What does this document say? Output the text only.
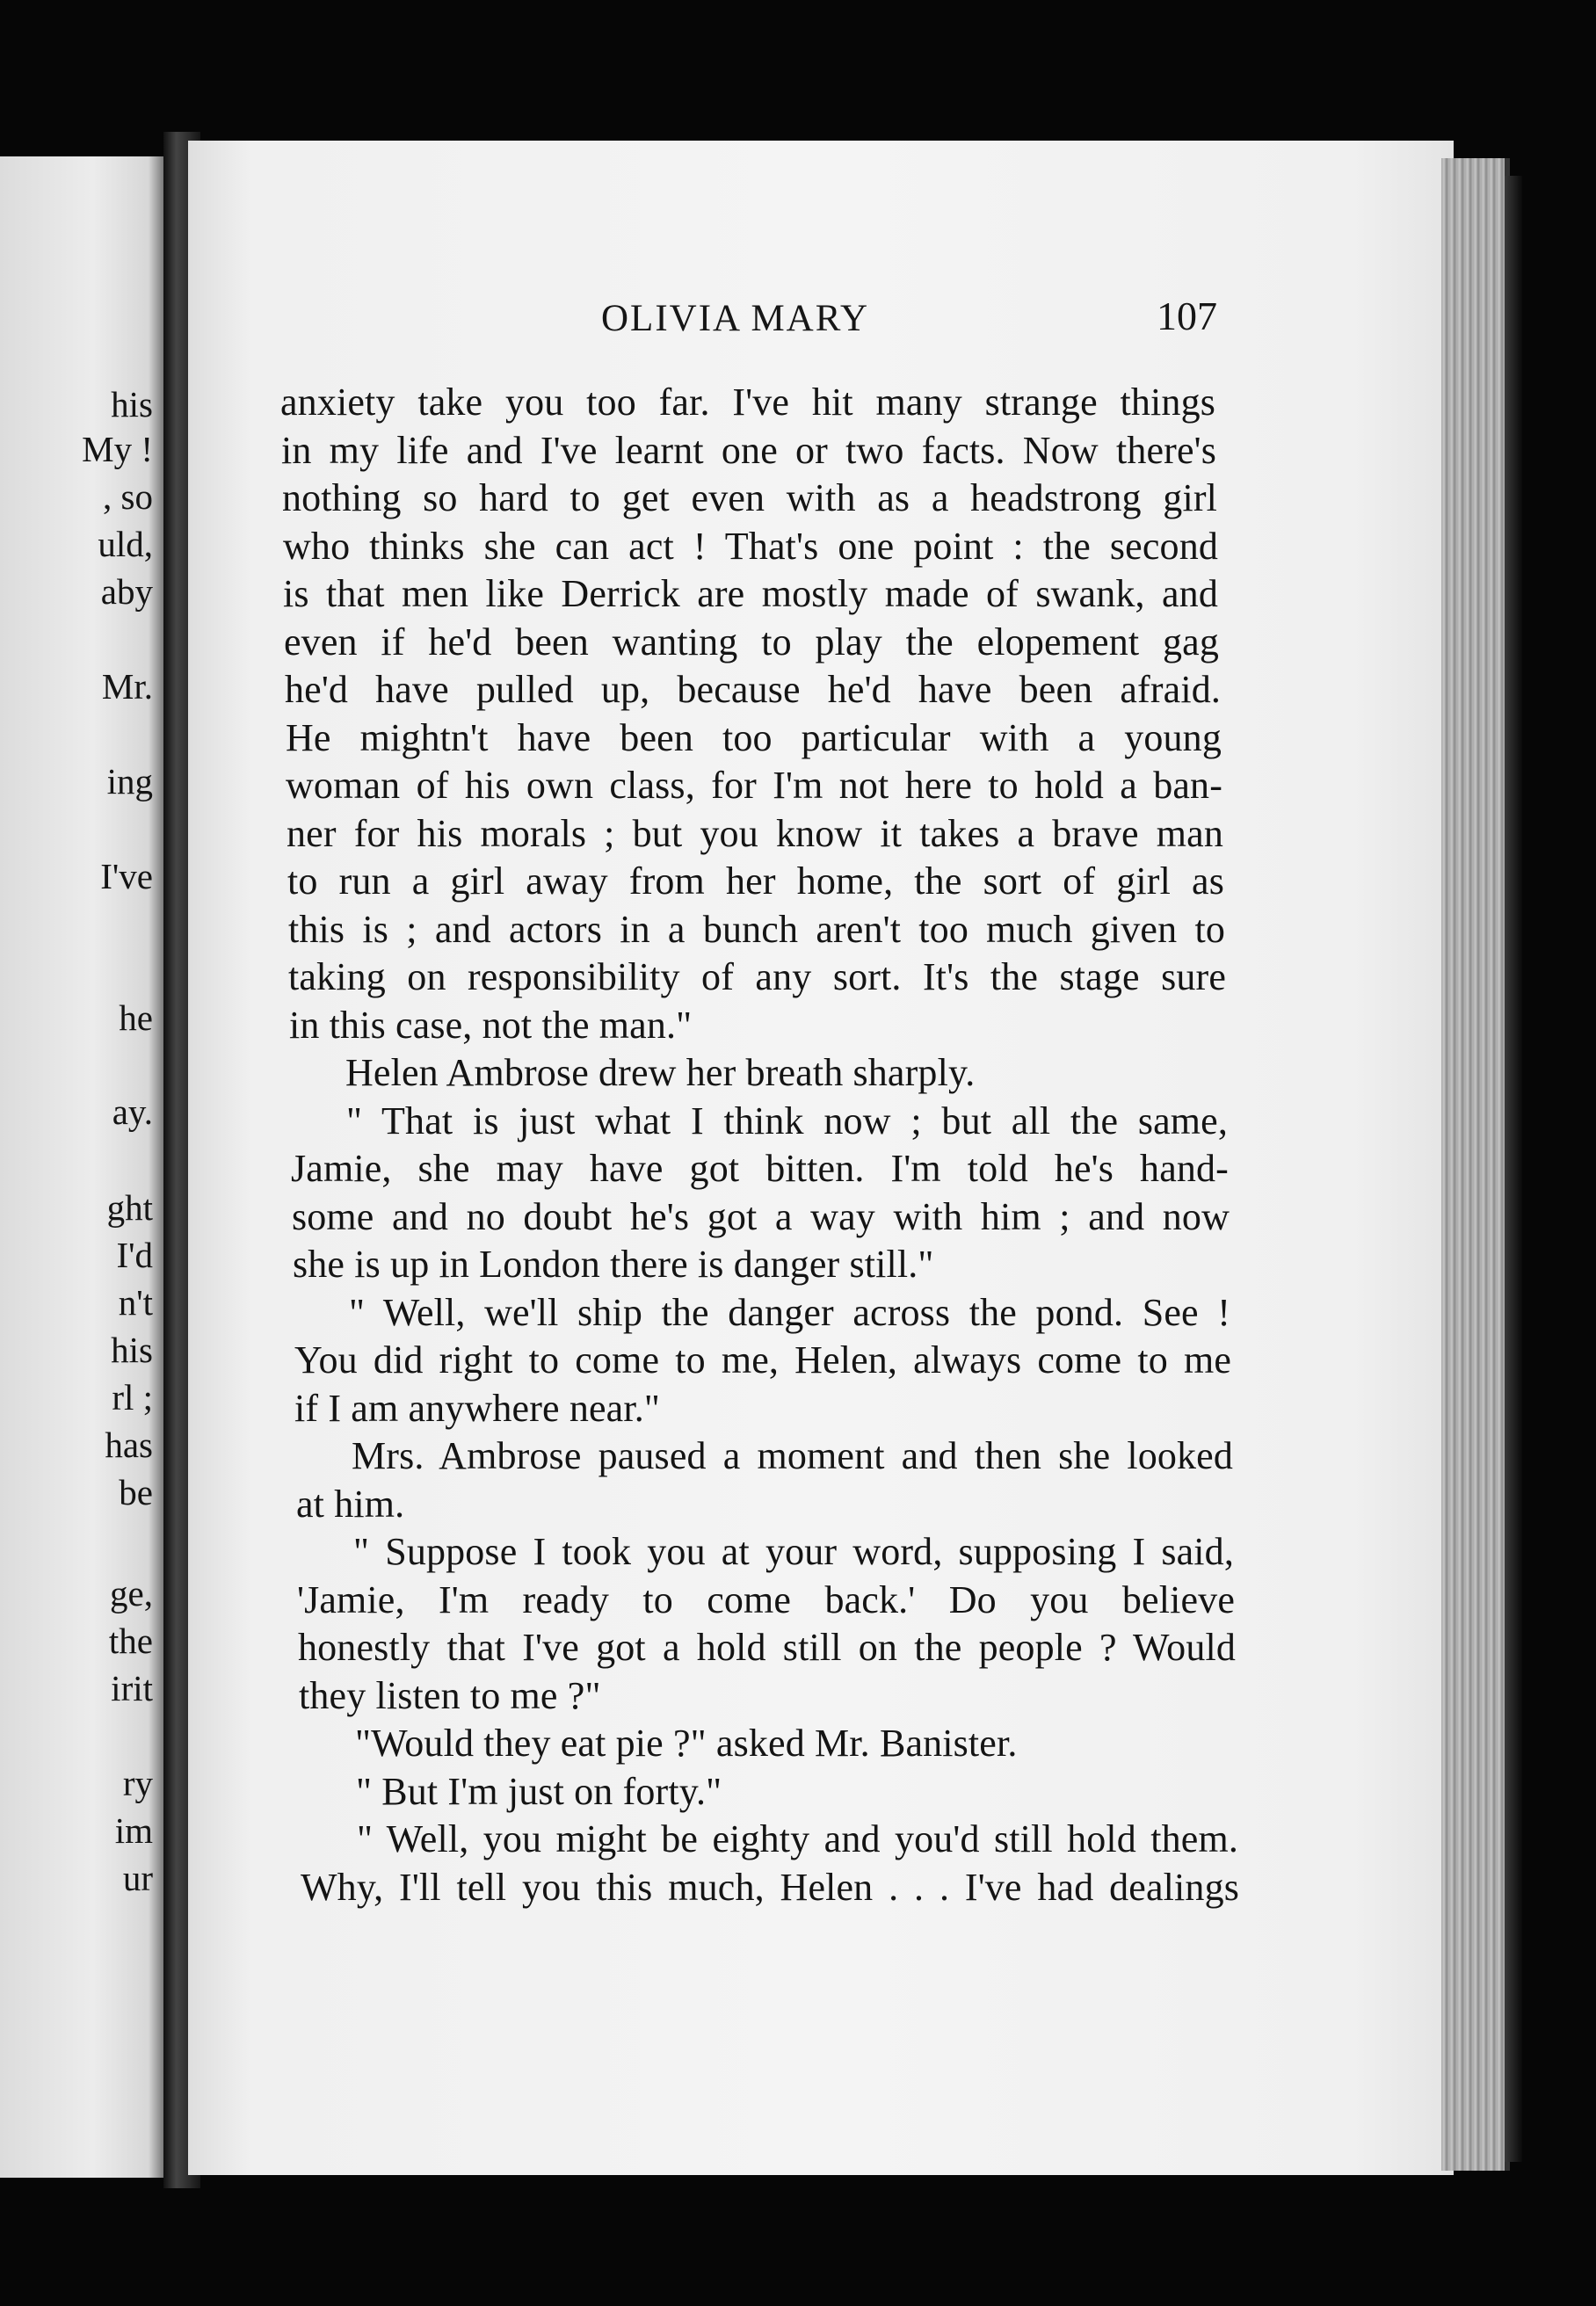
his

My !

, so

uld,

aby

Mr.

ing

I've

he

ay.

ght

I'd

n't

his

rl ;

has

be

ge,

the

irit

ry

im

ur

OLIVIA MARY	107

anxiety take you too far. I've hit many strange things

in my life and I've learnt one or two facts. Now there's

nothing so hard to get even with as a headstrong girl

who thinks she can act ! That's one point : the second

is that men like Derrick are mostly made of swank, and

even if he'd been wanting to play the elopement gag

he'd have pulled up, because he'd have been afraid.

He mightn't have been too particular with a young

woman of his own class, for I'm not here to hold a ban-

ner for his morals ; but you know it takes a brave man

to run a girl away from her home, the sort of girl as

this is ; and actors in a bunch aren't too much given to

taking on responsibility of any sort. It's the stage sure

in this case, not the man."

Helen Ambrose drew her breath sharply.

" That is just what I think now ; but all the same,

Jamie, she may have got bitten. I'm told he's hand-

some and no doubt he's got a way with him ; and now

she is up in London there is danger still."

" Well, we'll ship the danger across the pond. See !

You did right to come to me, Helen, always come to me

if I am anywhere near."

Mrs. Ambrose paused a moment and then she looked

at him.

" Suppose I took you at your word, supposing I said,

'Jamie, I'm ready to come back.' Do you believe

honestly that I've got a hold still on the people ? Would

they listen to me ?"

"Would they eat pie ?" asked Mr. Banister.

" But I'm just on forty."

" Well, you might be eighty and you'd still hold them.

Why, I'll tell you this much, Helen . . . I've had dealings
